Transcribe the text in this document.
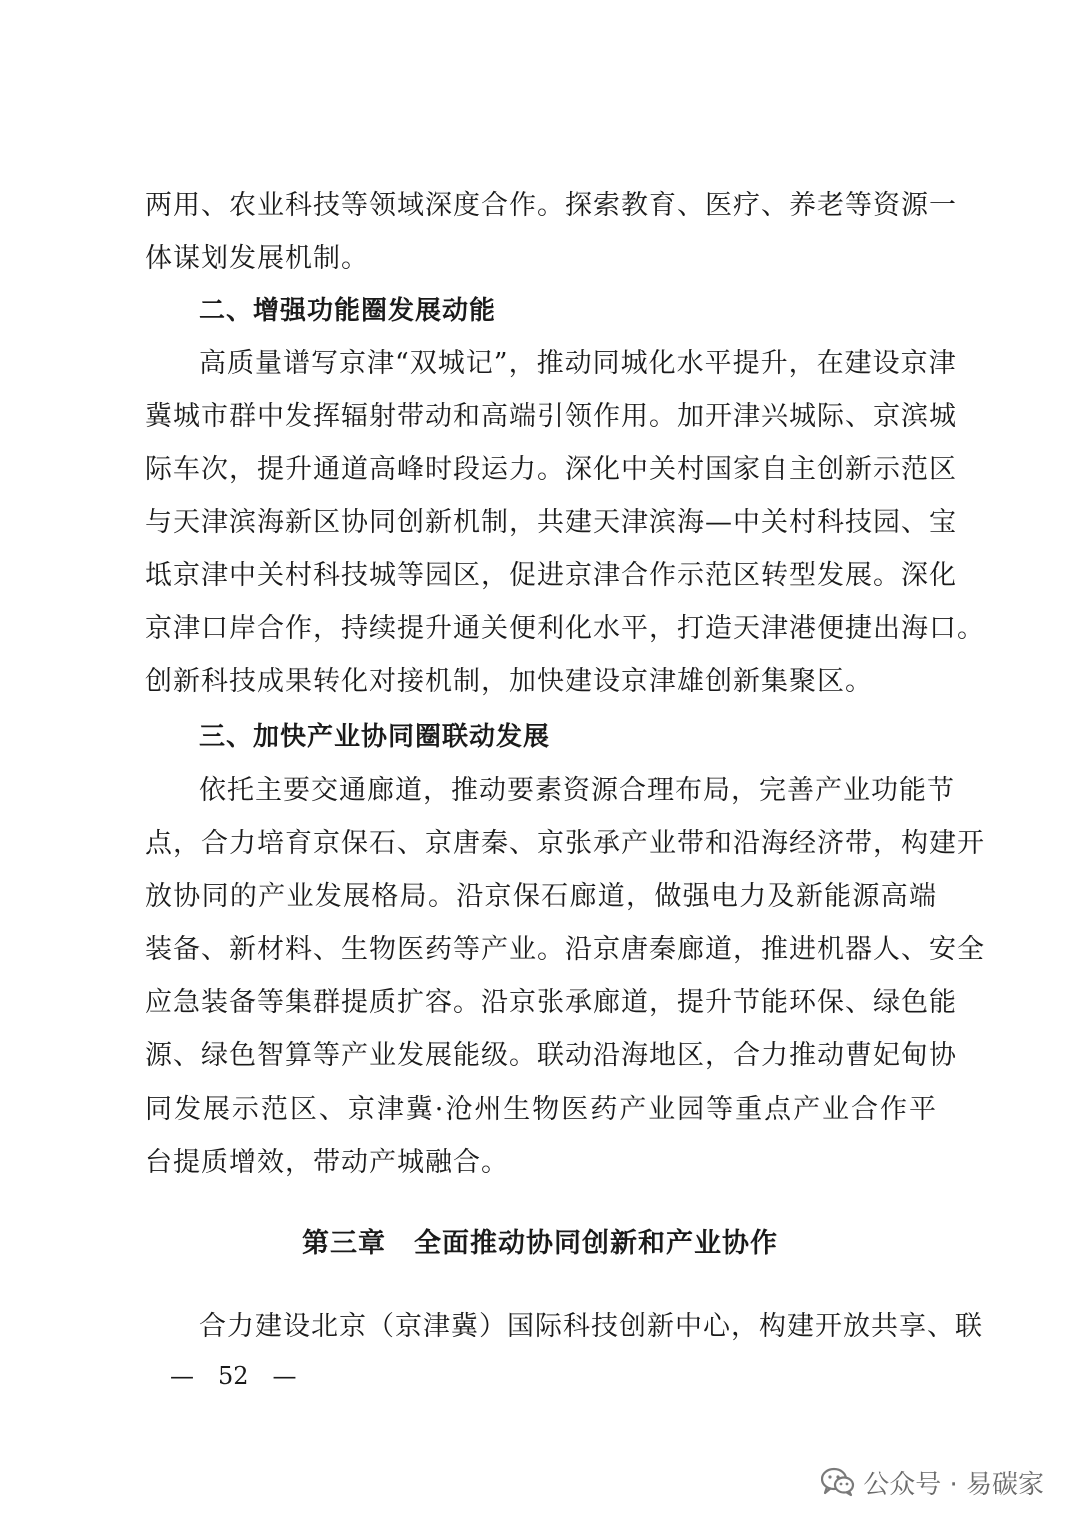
两用、农业科技等领域深度合作。探索教育、医疗、养老等资源一
体谋划发展机制。
二、增强功能圈发展动能
高质量谱写京津“双城记”，推动同城化水平提升，在建设京津
冀城市群中发挥辐射带动和高端引领作用。加开津兴城际、京滨城
际车次，提升通道高峰时段运力。深化中关村国家自主创新示范区
与天津滨海新区协同创新机制，共建天津滨海—中关村科技园、宝
坻京津中关村科技城等园区，促进京津合作示范区转型发展。深化
京津口岸合作，持续提升通关便利化水平，打造天津港便捷出海口。
创新科技成果转化对接机制，加快建设京津雄创新集聚区。
三、加快产业协同圈联动发展
依托主要交通廊道，推动要素资源合理布局，完善产业功能节
点，合力培育京保石、京唐秦、京张承产业带和沿海经济带，构建开
放协同的产业发展格局。沿京保石廊道，做强电力及新能源高端
装备、新材料、生物医药等产业。沿京唐秦廊道，推进机器人、安全
应急装备等集群提质扩容。沿京张承廊道，提升节能环保、绿色能
源、绿色智算等产业发展能级。联动沿海地区，合力推动曹妃甸协
同发展示范区、京津冀·沧州生物医药产业园等重点产业合作平
台提质增效，带动产城融合。
第三章　全面推动协同创新和产业协作
合力建设北京（京津冀）国际科技创新中心，构建开放共享、联
—　52　—
公众号 · 易碳家
